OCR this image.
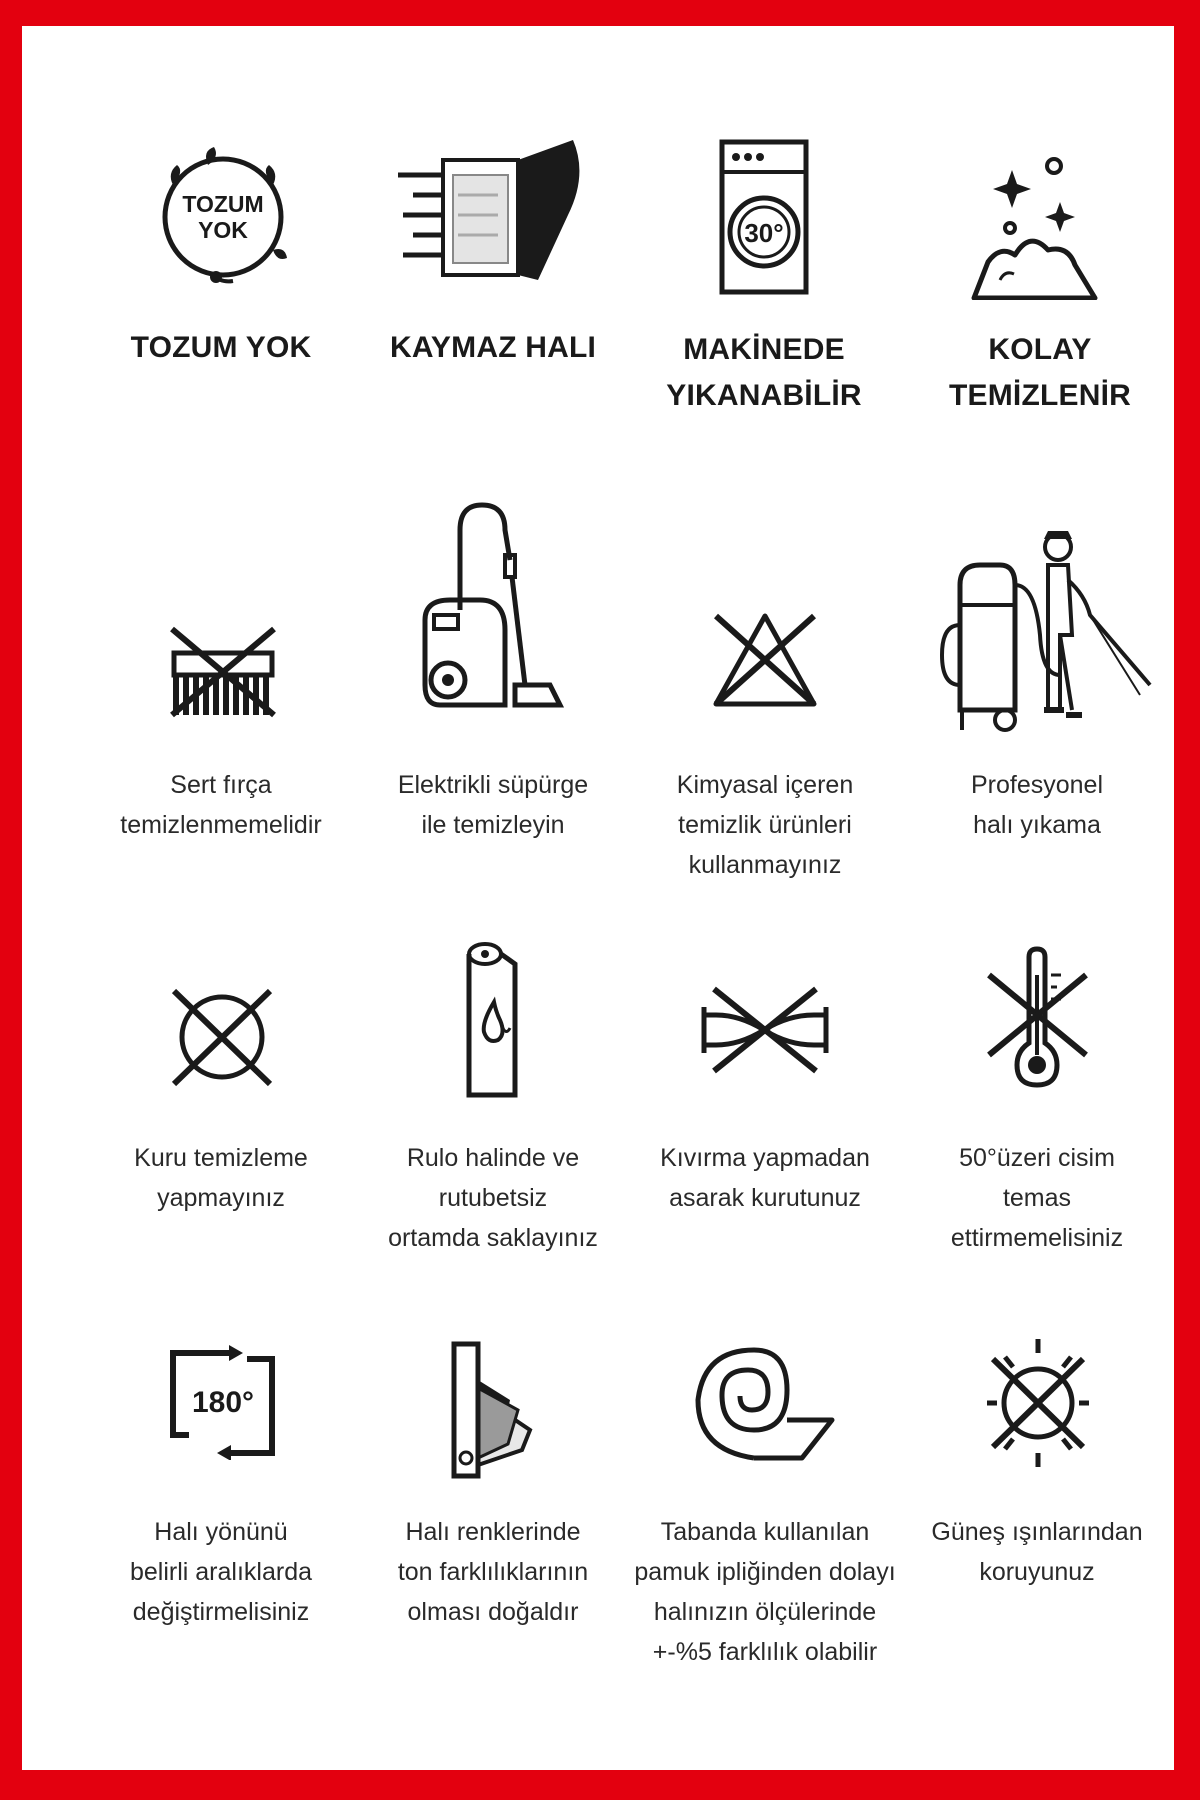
TOZUM
YOK
TOZUM YOK	KAYMAZ HALI
30°
MAKİNEDE
YIKANABİLİR
KOLAY TEMİZLENİR
Sert fırça
temizlenmemelidir
Elektrikli süpürge
ile temizleyin
Kimyasal içeren
temizlik ürünleri
kullanmayınız
Profesyonel
halı yıkama
Kuru temizleme
yapmayınız
Rulo halinde ve
rutubetsiz
ortamda saklayınız
Kıvırma yapmadan
asarak kurutunuz
50°üzeri cisim
temas
ettirmemelisiniz
180°
Halı yönünü
belirli aralıklarda
değiştirmelisiniz
Halı renklerinde
ton farklılıklarının
olması doğaldır
Tabanda kullanılan
pamuk ipliğinden dolayı
halınızın ölçülerinde
+-%5 farklılık olabilir
Güneş ışınlarından
koruyunuz
